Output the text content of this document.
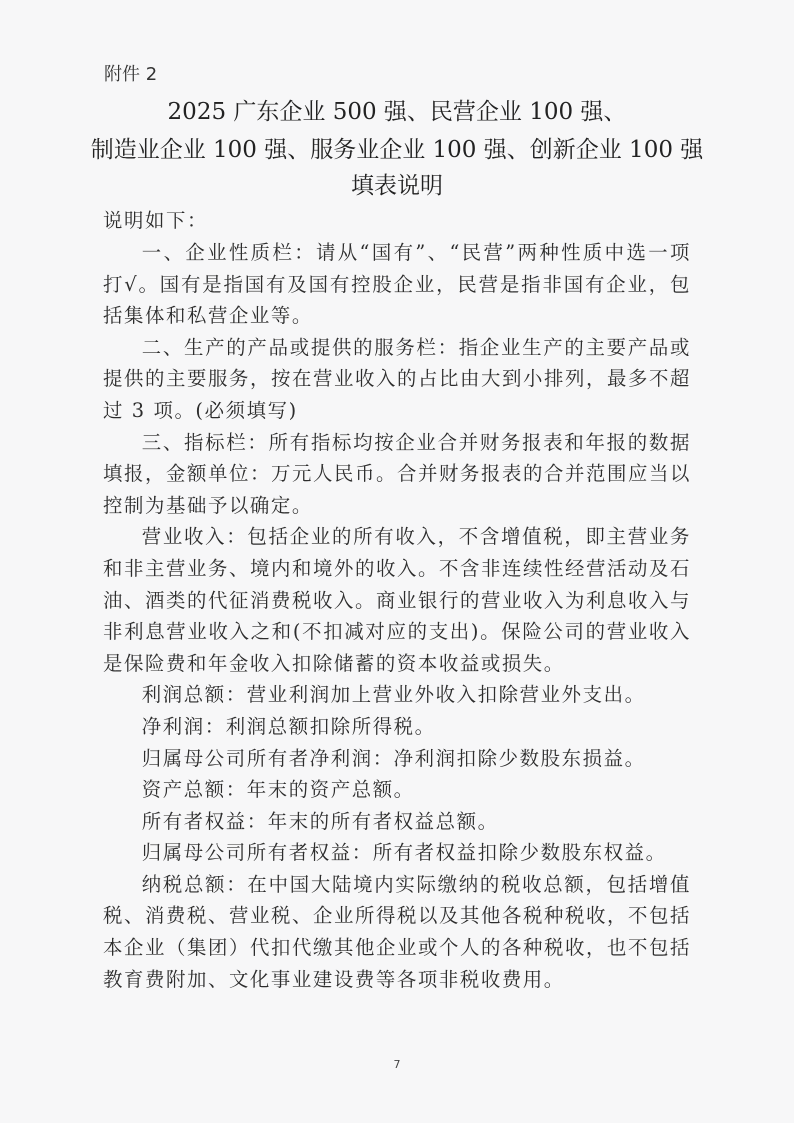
附件 2
2025 广东企业 500 强、民营企业 100 强、
制造业企业 100 强、服务业企业 100 强、创新企业 100 强
填表说明
说明如下：

一、企业性质栏：请从“国有”、“民营”两种性质中选一项打√。国有是指国有及国有控股企业，民营是指非国有企业，包括集体和私营企业等。

二、生产的产品或提供的服务栏：指企业生产的主要产品或提供的主要服务，按在营业收入的占比由大到小排列，最多不超过 3 项。(必须填写)

三、指标栏：所有指标均按企业合并财务报表和年报的数据填报，金额单位：万元人民币。合并财务报表的合并范围应当以控制为基础予以确定。

营业收入：包括企业的所有收入，不含增值税，即主营业务和非主营业务、境内和境外的收入。不含非连续性经营活动及石油、酒类的代征消费税收入。商业银行的营业收入为利息收入与非利息营业收入之和(不扣减对应的支出)。保险公司的营业收入是保险费和年金收入扣除储蓄的资本收益或损失。

利润总额：营业利润加上营业外收入扣除营业外支出。

净利润：利润总额扣除所得税。

归属母公司所有者净利润：净利润扣除少数股东损益。

资产总额：年末的资产总额。

所有者权益：年末的所有者权益总额。

归属母公司所有者权益：所有者权益扣除少数股东权益。

纳税总额：在中国大陆境内实际缴纳的税收总额，包括增值税、消费税、营业税、企业所得税以及其他各税种税收，不包括本企业（集团）代扣代缴其他企业或个人的各种税收，也不包括教育费附加、文化事业建设费等各项非税收费用。

7
